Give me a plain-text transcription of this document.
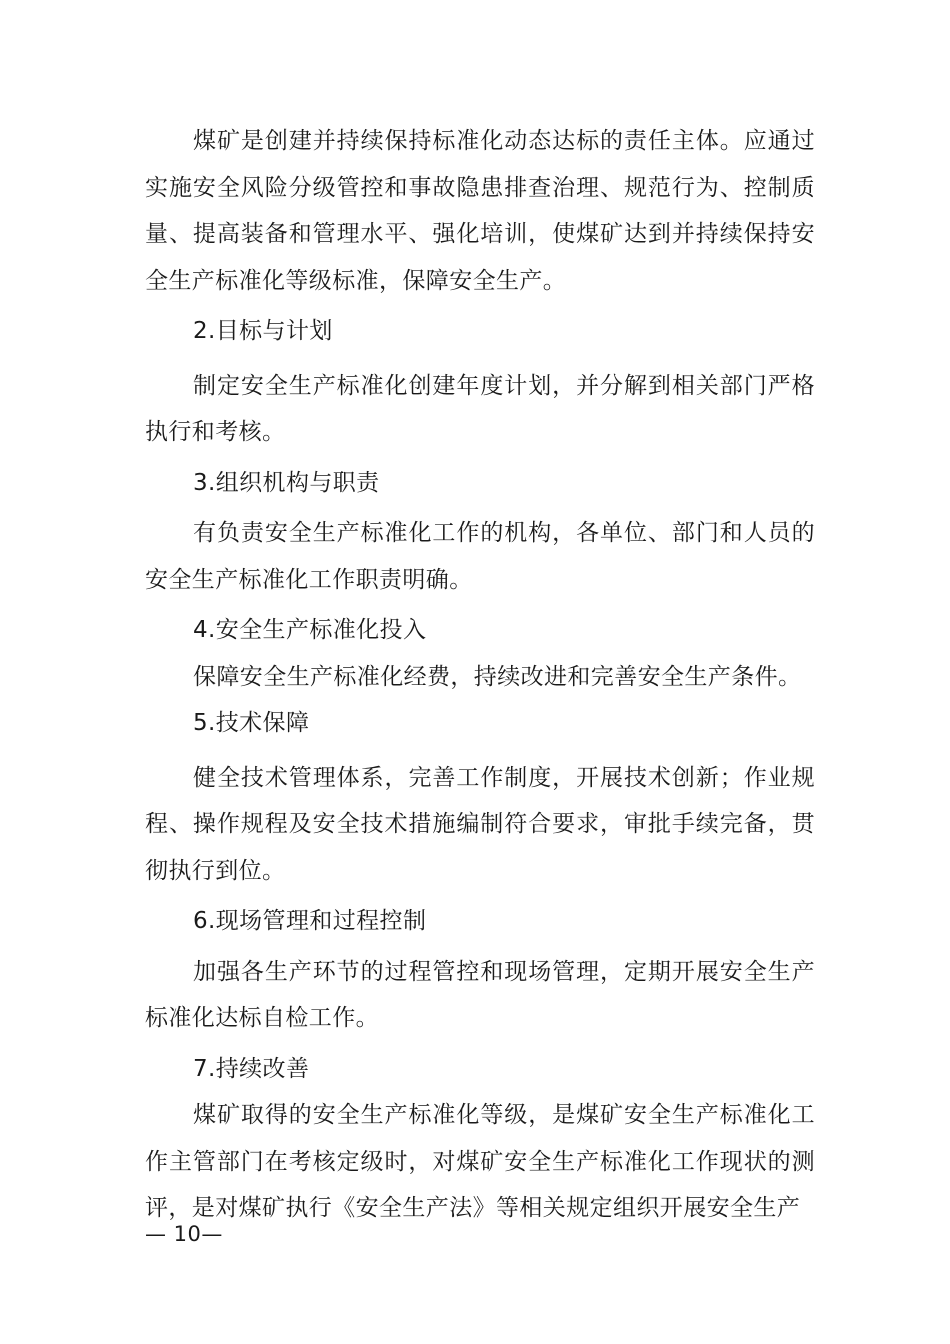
煤矿是创建并持续保持标准化动态达标的责任主体。应通过实施安全风险分级管控和事故隐患排查治理、规范行为、控制质量、提高装备和管理水平、强化培训，使煤矿达到并持续保持安全生产标准化等级标准，保障安全生产。

2.目标与计划

制定安全生产标准化创建年度计划，并分解到相关部门严格执行和考核。

3.组织机构与职责

有负责安全生产标准化工作的机构，各单位、部门和人员的安全生产标准化工作职责明确。

4.安全生产标准化投入

保障安全生产标准化经费，持续改进和完善安全生产条件。

5.技术保障

健全技术管理体系，完善工作制度，开展技术创新；作业规程、操作规程及安全技术措施编制符合要求，审批手续完备，贯彻执行到位。

6.现场管理和过程控制

加强各生产环节的过程管控和现场管理，定期开展安全生产标准化达标自检工作。

7.持续改善

煤矿取得的安全生产标准化等级，是煤矿安全生产标准化工作主管部门在考核定级时，对煤矿安全生产标准化工作现状的测评，是对煤矿执行《安全生产法》等相关规定组织开展安全生产

— 10—
